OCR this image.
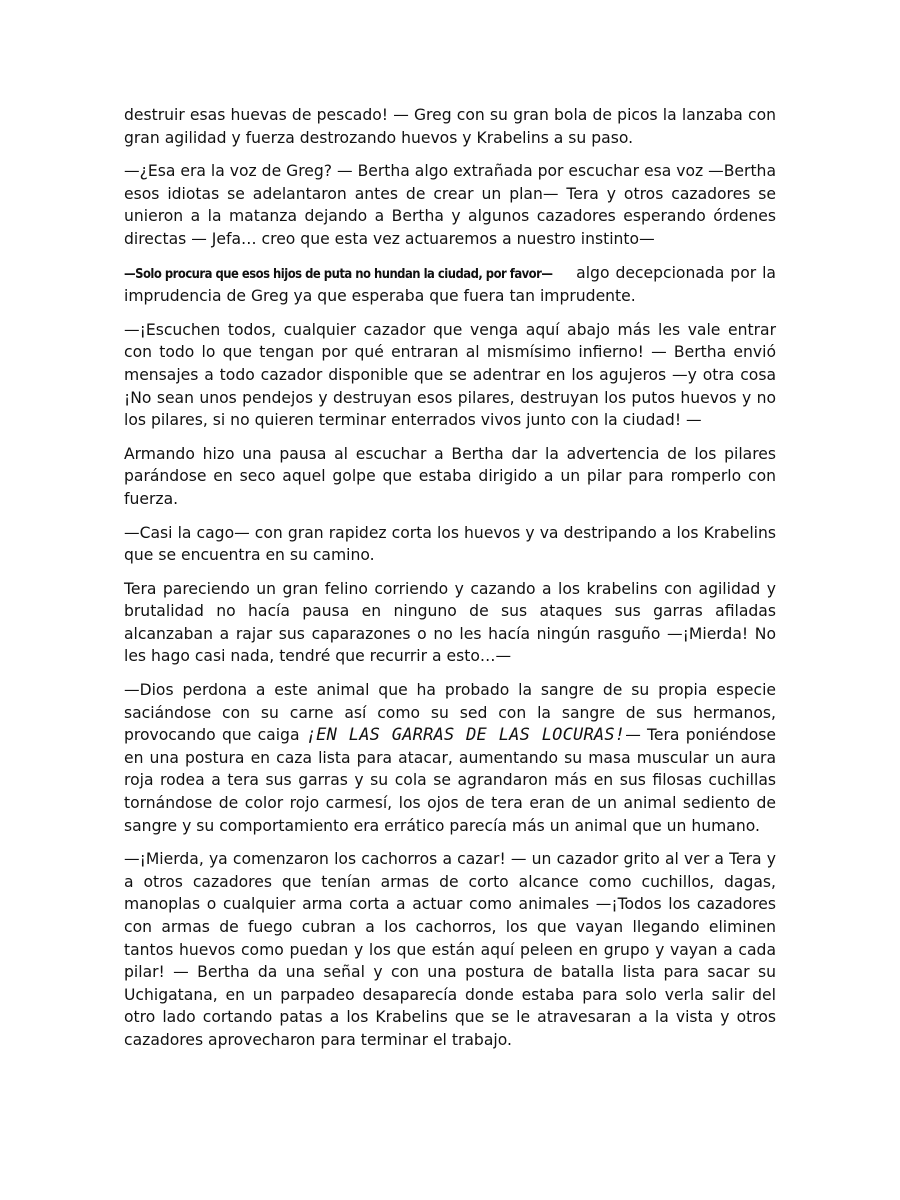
destruir esas huevas de pescado! — Greg con su gran bola de picos la lanzaba con gran agilidad y fuerza destrozando huevos y Krabelins a su paso.

—¿Esa era la voz de Greg? — Bertha algo extrañada por escuchar esa voz —Bertha esos idiotas se adelantaron antes de crear un plan— Tera y otros cazadores se unieron a la matanza dejando a Bertha y algunos cazadores esperando órdenes directas — Jefa… creo que esta vez actuaremos a nuestro instinto—

—Solo procura que esos hijos de puta no hundan la ciudad, por favor— algo decepcionada por la imprudencia de Greg ya que esperaba que fuera tan imprudente.

—¡Escuchen todos, cualquier cazador que venga aquí abajo más les vale entrar con todo lo que tengan por qué entraran al mismísimo infierno! — Bertha envió mensajes a todo cazador disponible que se adentrar en los agujeros —y otra cosa ¡No sean unos pendejos y destruyan esos pilares, destruyan los putos huevos y no los pilares, si no quieren terminar enterrados vivos junto con la ciudad! —

Armando hizo una pausa al escuchar a Bertha dar la advertencia de los pilares parándose en seco aquel golpe que estaba dirigido a un pilar para romperlo con fuerza.

—Casi la cago— con gran rapidez corta los huevos y va destripando a los Krabelins que se encuentra en su camino.

Tera pareciendo un gran felino corriendo y cazando a los krabelins con agilidad y brutalidad no hacía pausa en ninguno de sus ataques sus garras afiladas alcanzaban a rajar sus caparazones o no les hacía ningún rasguño —¡Mierda! No les hago casi nada, tendré que recurrir a esto…—

—Dios perdona a este animal que ha probado la sangre de su propia especie saciándose con su carne así como su sed con la sangre de sus hermanos, provocando que caiga ¡EN LAS GARRAS DE LAS LOCURAS!— Tera poniéndose en una postura en caza lista para atacar, aumentando su masa muscular un aura roja rodea a tera sus garras y su cola se agrandaron más en sus filosas cuchillas tornándose de color rojo carmesí, los ojos de tera eran de un animal sediento de sangre y su comportamiento era errático parecía más un animal que un humano.

—¡Mierda, ya comenzaron los cachorros a cazar! — un cazador grito al ver a Tera y a otros cazadores que tenían armas de corto alcance como cuchillos, dagas, manoplas o cualquier arma corta a actuar como animales —¡Todos los cazadores con armas de fuego cubran a los cachorros, los que vayan llegando eliminen tantos huevos como puedan y los que están aquí peleen en grupo y vayan a cada pilar! — Bertha da una señal y con una postura de batalla lista para sacar su Uchigatana, en un parpadeo desaparecía donde estaba para solo verla salir del otro lado cortando patas a los Krabelins que se le atravesaran a la vista y otros cazadores aprovecharon para terminar el trabajo.
